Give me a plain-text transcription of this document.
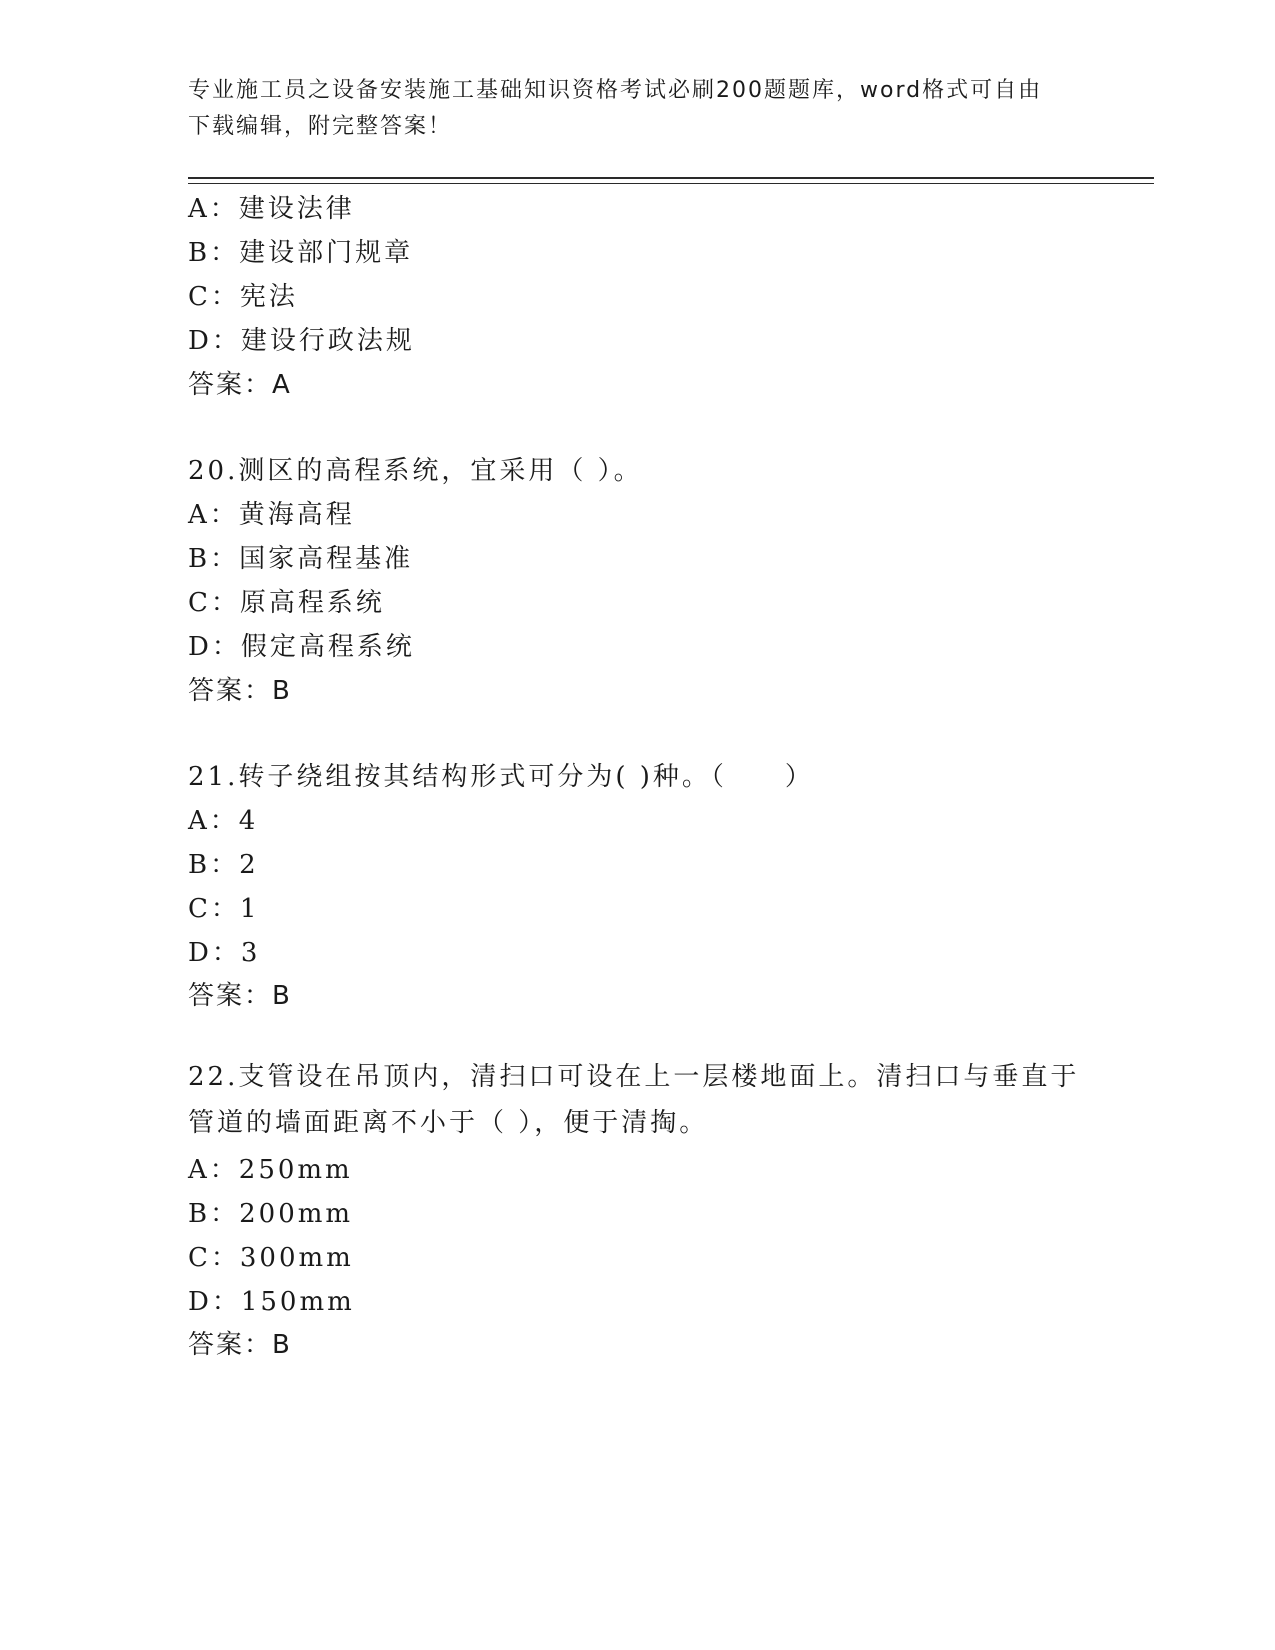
专业施工员之设备安装施工基础知识资格考试必刷200题题库，word格式可自由
下载编辑，附完整答案！
A：建设法律
B：建设部门规章
C：宪法
D：建设行政法规
答案：A
20.测区的高程系统，宜采用（ ）。
A：黄海高程
B：国家高程基准
C：原高程系统
D：假定高程系统
答案：B
21.转子绕组按其结构形式可分为( )种。（　　）
A：4
B：2
C：1
D：3
答案：B
22.支管设在吊顶内，清扫口可设在上一层楼地面上。清扫口与垂直于管道的墙面距离不小于（ ），便于清掏。
A：250mm
B：200mm
C：300mm
D：150mm
答案：B
